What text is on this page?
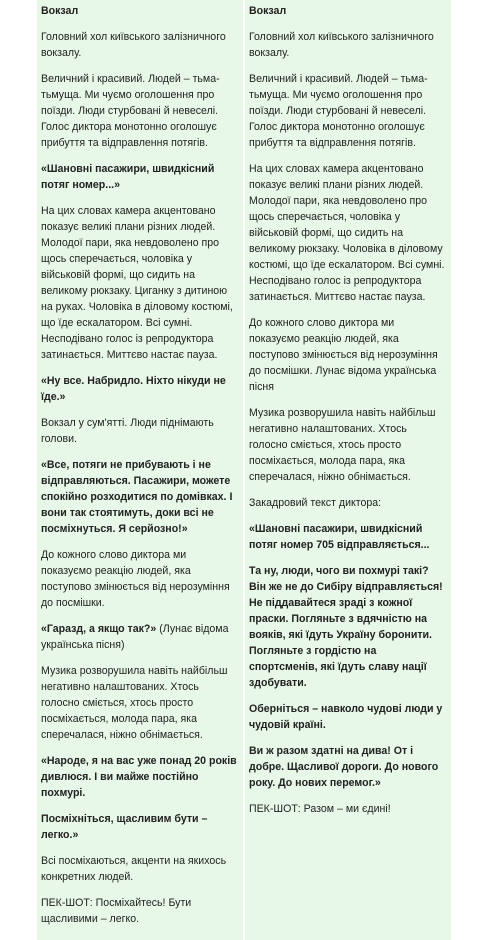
Вокзал
Головний хол київського залізничного вокзалу.
Величний і красивий. Людей – тьма-тьмуща. Ми чуємо оголошення про поїзди. Люди стурбовані й невеселі. Голос диктора монотонно оголошує прибуття та відправлення потягів.
«Шановні пасажири, швидкісний потяг номер...»
На цих словах камера акцентовано показує великі плани різних людей. Молодої пари, яка невдоволено про щось сперечається, чоловіка у військовій формі, що сидить на великому рюкзаку. Циганку з дитиною на руках. Чоловіка в діловому костюмі, що їде ескалатором. Всі сумні. Несподівано голос із репродуктора затинається. Миттєво настає пауза.
«Ну все. Набридло. Ніхто нікуди не їде.»
Вокзал у сум'ятті. Люди піднімають голови.
«Все, потяги не прибувають і не відправляються. Пасажири, можете спокійно розходитися по домівках. І вони так стоятимуть, доки всі не посміхнуться. Я серйозно!»
До кожного слово диктора ми показуємо реакцію людей, яка поступово змінюється від нерозуміння до посмішки.
«Гаразд, а якщо так?» (Лунає відома українська пісня)
Музика розворушила навіть найбільш негативно налаштованих. Хтось голосно сміється, хтось просто посміхається, молода пара, яка сперечалася, ніжно обнімається.
«Народе, я на вас уже понад 20 років дивлюся. І ви майже постійно похмурі.
Посміхніться, щасливим бути – легко.»
Всі посміхаються, акценти на якихось конкретних людей.
ПЕК-ШОТ: Посміхайтесь! Бути щасливими – легко.
Вокзал
Головний хол київського залізничного вокзалу.
Величний і красивий. Людей – тьма-тьмуща. Ми чуємо оголошення про поїзди. Люди стурбовані й невеселі. Голос диктора монотонно оголошує прибуття та відправлення потягів.
На цих словах камера акцентовано показує великі плани різних людей. Молодої пари, яка невдоволено про щось сперечається, чоловіка у військовій формі, що сидить на великому рюкзаку. Чоловіка в діловому костюмі, що їде ескалатором. Всі сумні. Несподівано голос із репродуктора затинається. Миттєво настає пауза.
До кожного слово диктора ми показуємо реакцію людей, яка поступово змінюється від нерозуміння до посмішки. Лунає відома українська пісня
Музика розворушила навіть найбільш негативно налаштованих. Хтось голосно сміється, хтось просто посміхається, молода пара, яка сперечалася, ніжно обнімається.
Закадровий текст диктора:
«Шановні пасажири, швидкісний потяг номер 705 відправляється...
Та ну, люди, чого ви похмурі такі? Він же не до Сибіру відправляється! Не піддавайтеся зраді з кожної праски. Погляньте з вдячністю на вояків, які їдуть Україну боронити. Погляньте з гордістю на спортсменів, які їдуть славу нації здобувати.
Оберніться – навколо чудові люди у чудовій країні.
Ви ж разом здатні на дива! От і добре. Щасливої дороги. До нового року. До нових перемог.»
ПЕК-ШОТ: Разом – ми єдині!
